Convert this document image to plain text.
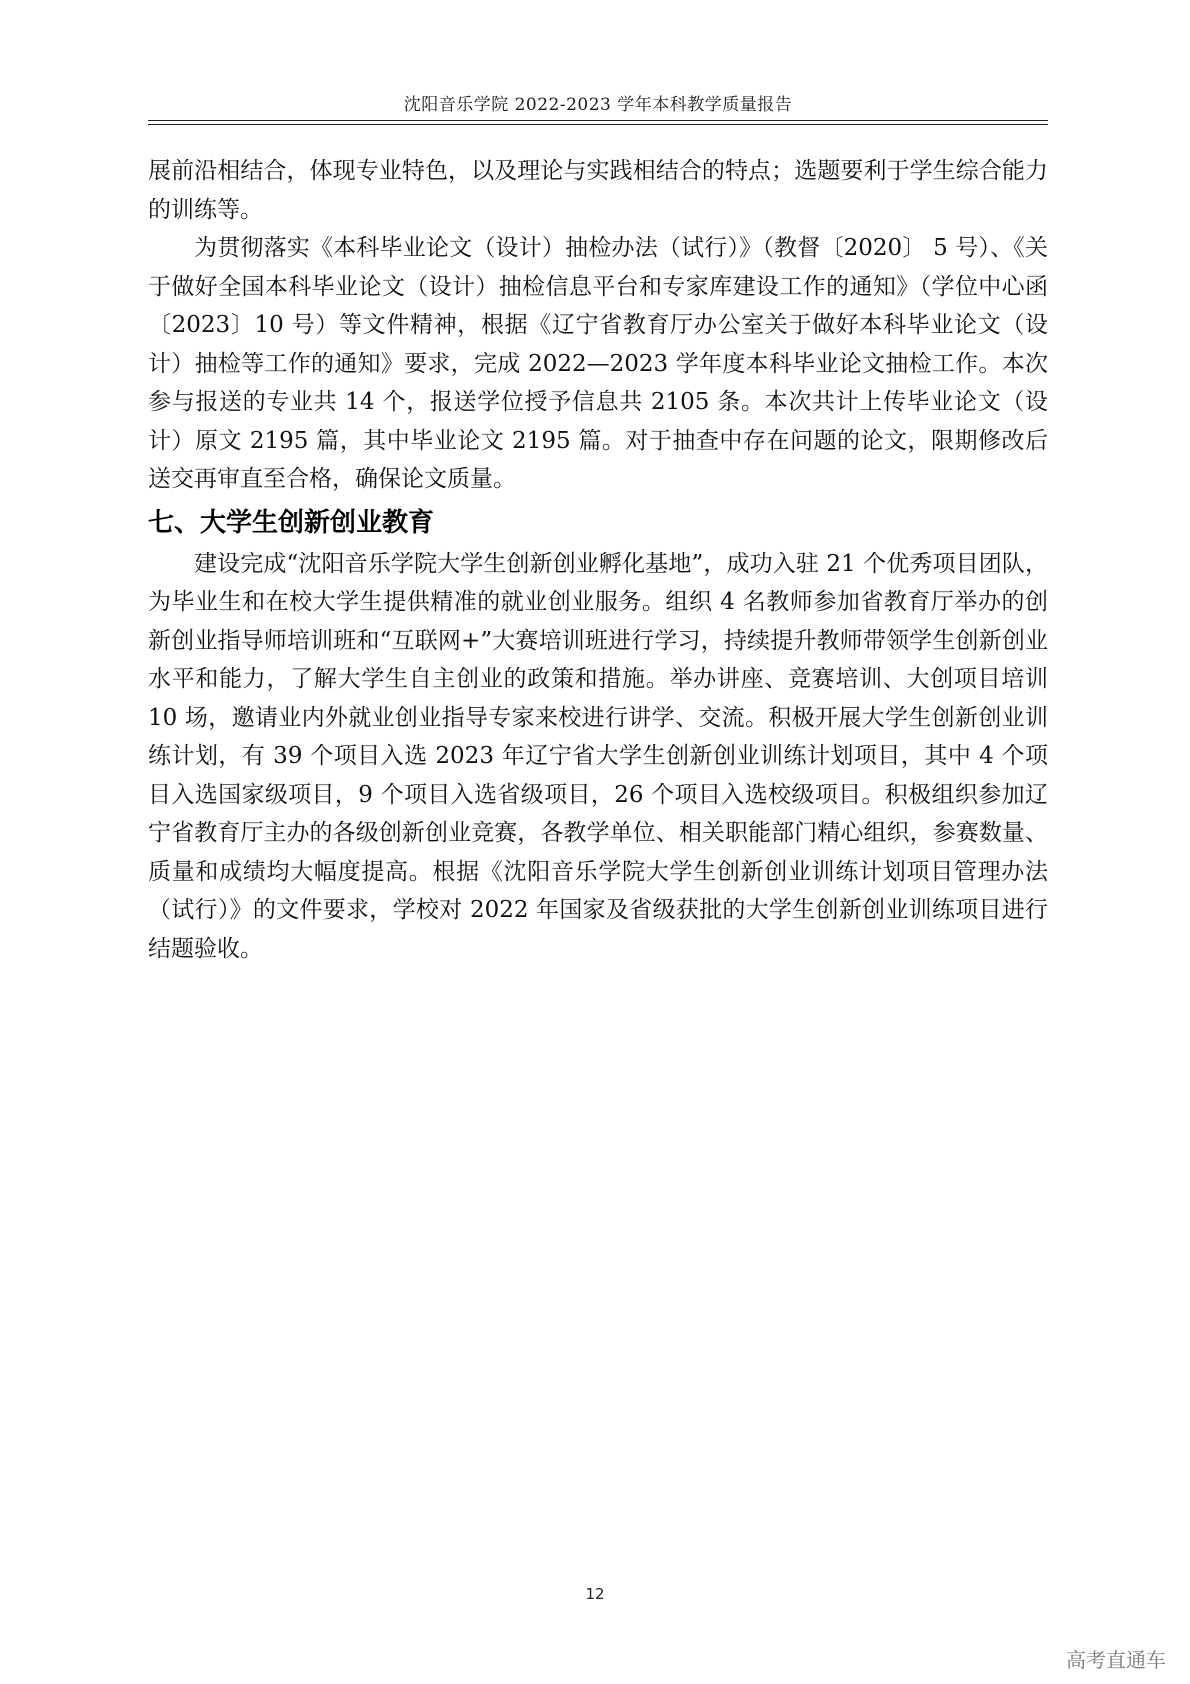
沈阳音乐学院 2022-2023 学年本科教学质量报告

展前沿相结合，体现专业特色，以及理论与实践相结合的特点；选题要利于学生综合能力的训练等。

为贯彻落实《本科毕业论文（设计）抽检办法（试行）》（教督〔2020〕 5 号）、《关于做好全国本科毕业论文（设计）抽检信息平台和专家库建设工作的通知》（学位中心函〔2023〕10 号）等文件精神，根据《辽宁省教育厅办公室关于做好本科毕业论文（设计）抽检等工作的通知》要求，完成 2022—2023 学年度本科毕业论文抽检工作。本次参与报送的专业共 14 个，报送学位授予信息共 2105 条。本次共计上传毕业论文（设计）原文 2195 篇，其中毕业论文 2195 篇。对于抽查中存在问题的论文，限期修改后送交再审直至合格，确保论文质量。

七、大学生创新创业教育

建设完成“沈阳音乐学院大学生创新创业孵化基地”，成功入驻 21 个优秀项目团队，为毕业生和在校大学生提供精准的就业创业服务。组织 4 名教师参加省教育厅举办的创新创业指导师培训班和“互联网+”大赛培训班进行学习，持续提升教师带领学生创新创业水平和能力，了解大学生自主创业的政策和措施。举办讲座、竞赛培训、大创项目培训 10 场，邀请业内外就业创业指导专家来校进行讲学、交流。积极开展大学生创新创业训练计划，有 39 个项目入选 2023 年辽宁省大学生创新创业训练计划项目，其中 4 个项目入选国家级项目，9 个项目入选省级项目，26 个项目入选校级项目。积极组织参加辽宁省教育厅主办的各级创新创业竞赛，各教学单位、相关职能部门精心组织，参赛数量、质量和成绩均大幅度提高。根据《沈阳音乐学院大学生创新创业训练计划项目管理办法（试行）》的文件要求，学校对 2022 年国家及省级获批的大学生创新创业训练项目进行结题验收。

12
高考直通车
